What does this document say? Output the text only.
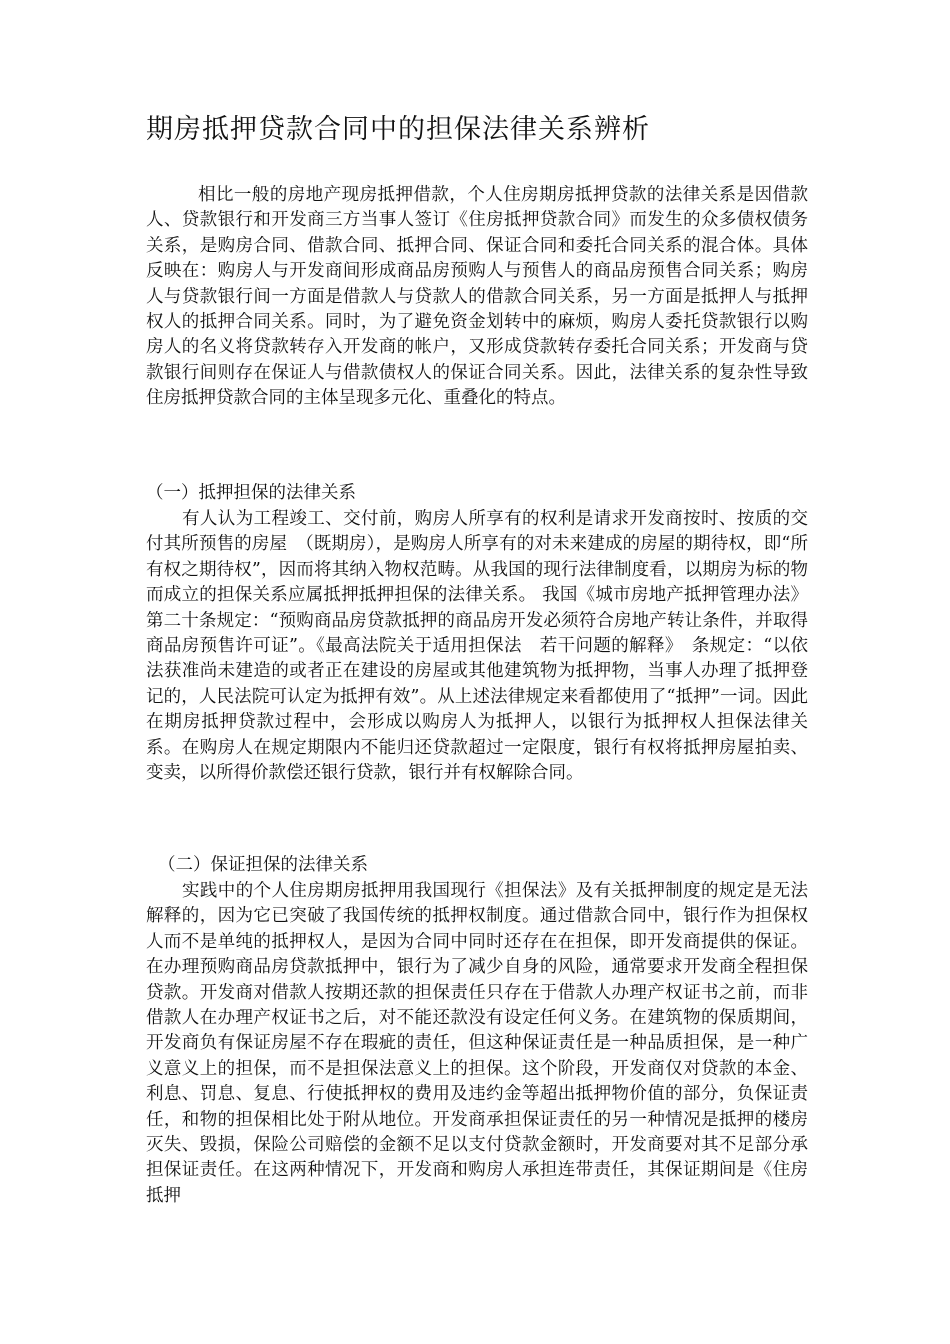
期房抵押贷款合同中的担保法律关系辨析

相比一般的房地产现房抵押借款，个人住房期房抵押贷款的法律关系是因借款人、贷款银行和开发商三方当事人签订《住房抵押贷款合同》而发生的众多债权债务关系，是购房合同、借款合同、抵押合同、保证合同和委托合同关系的混合体。具体反映在：购房人与开发商间形成商品房预购人与预售人的商品房预售合同关系；购房人与贷款银行间一方面是借款人与贷款人的借款合同关系，另一方面是抵押人与抵押权人的抵押合同关系。同时，为了避免资金划转中的麻烦，购房人委托贷款银行以购房人的名义将贷款转存入开发商的帐户，又形成贷款转存委托合同关系；开发商与贷款银行间则存在保证人与借款债权人的保证合同关系。因此，法律关系的复杂性导致住房抵押贷款合同的主体呈现多元化、重叠化的特点。

（一）抵押担保的法律关系

有人认为工程竣工、交付前，购房人所享有的权利是请求开发商按时、按质的交付其所预售的房屋　（既期房），是购房人所享有的对未来建成的房屋的期待权，即“所有权之期待权”，因而将其纳入物权范畴。从我国的现行法律制度看，以期房为标的物而成立的担保关系应属抵押抵押担保的法律关系。 我国《城市房地产抵押管理办法》第二十条规定：“预购商品房贷款抵押的商品房开发必须符合房地产转让条件，并取得商品房预售许可证”。《最高法院关于适用担保法　若干问题的解释》　条规定：“以依法获准尚未建造的或者正在建设的房屋或其他建筑物为抵押物，当事人办理了抵押登记的，人民法院可认定为抵押有效”。从上述法律规定来看都使用了“抵押”一词。因此在期房抵押贷款过程中，会形成以购房人为抵押人，以银行为抵押权人担保法律关系。在购房人在规定期限内不能归还贷款超过一定限度，银行有权将抵押房屋拍卖、变卖，以所得价款偿还银行贷款，银行并有权解除合同。

（二）保证担保的法律关系

实践中的个人住房期房抵押用我国现行《担保法》及有关抵押制度的规定是无法解释的，因为它已突破了我国传统的抵押权制度。通过借款合同中，银行作为担保权人而不是单纯的抵押权人，是因为合同中同时还存在在担保，即开发商提供的保证。在办理预购商品房贷款抵押中，银行为了减少自身的风险，通常要求开发商全程担保贷款。开发商对借款人按期还款的担保责任只存在于借款人办理产权证书之前，而非借款人在办理产权证书之后，对不能还款没有设定任何义务。在建筑物的保质期间，开发商负有保证房屋不存在瑕疵的责任，但这种保证责任是一种品质担保，是一种广义意义上的担保，而不是担保法意义上的担保。这个阶段，开发商仅对贷款的本金、利息、罚息、复息、行使抵押权的费用及违约金等超出抵押物价值的部分，负保证责任，和物的担保相比处于附从地位。开发商承担保证责任的另一种情况是抵押的楼房灭失、毁损，保险公司赔偿的金额不足以支付贷款金额时，开发商要对其不足部分承担保证责任。在这两种情况下，开发商和购房人承担连带责任，其保证期间是《住房抵押
